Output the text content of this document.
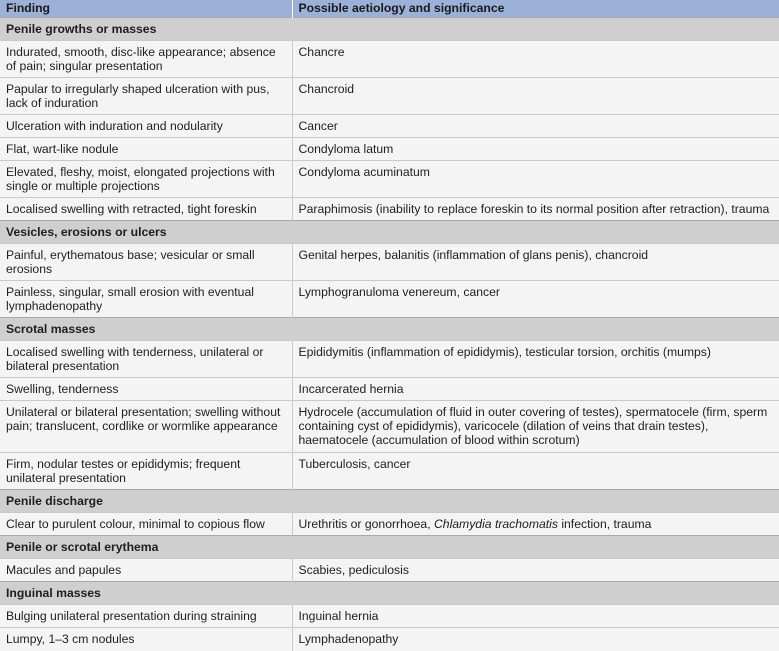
Finding	Possible aetiology and significance
Penile growths or masses	
Indurated, smooth, disc-like appearance; absence of pain; singular presentation	Chancre
Papular to irregularly shaped ulceration with pus, lack of induration	Chancroid
Ulceration with induration and nodularity	Cancer
Flat, wart-like nodule	Condyloma latum
Elevated, fleshy, moist, elongated projections with single or multiple projections	Condyloma acuminatum
Localised swelling with retracted, tight foreskin	Paraphimosis (inability to replace foreskin to its normal position after retraction), trauma
Vesicles, erosions or ulcers	
Painful, erythematous base; vesicular or small erosions	Genital herpes, balanitis (inflammation of glans penis), chancroid
Painless, singular, small erosion with eventual lymphadenopathy	Lymphogranuloma venereum, cancer
Scrotal masses	
Localised swelling with tenderness, unilateral or bilateral presentation	Epididymitis (inflammation of epididymis), testicular torsion, orchitis (mumps)
Swelling, tenderness	Incarcerated hernia
Unilateral or bilateral presentation; swelling without pain; translucent, cordlike or wormlike appearance	Hydrocele (accumulation of fluid in outer covering of testes), spermatocele (firm, sperm containing cyst of epididymis), varicocele (dilation of veins that drain testes), haematocele (accumulation of blood within scrotum)
Firm, nodular testes or epididymis; frequent unilateral presentation	Tuberculosis, cancer
Penile discharge	
Clear to purulent colour, minimal to copious flow	Urethritis or gonorrhoea, Chlamydia trachomatis infection, trauma
Penile or scrotal erythema	
Macules and papules	Scabies, pediculosis
Inguinal masses	
Bulging unilateral presentation during straining	Inguinal hernia
Lumpy, 1–3 cm nodules	Lymphadenopathy
